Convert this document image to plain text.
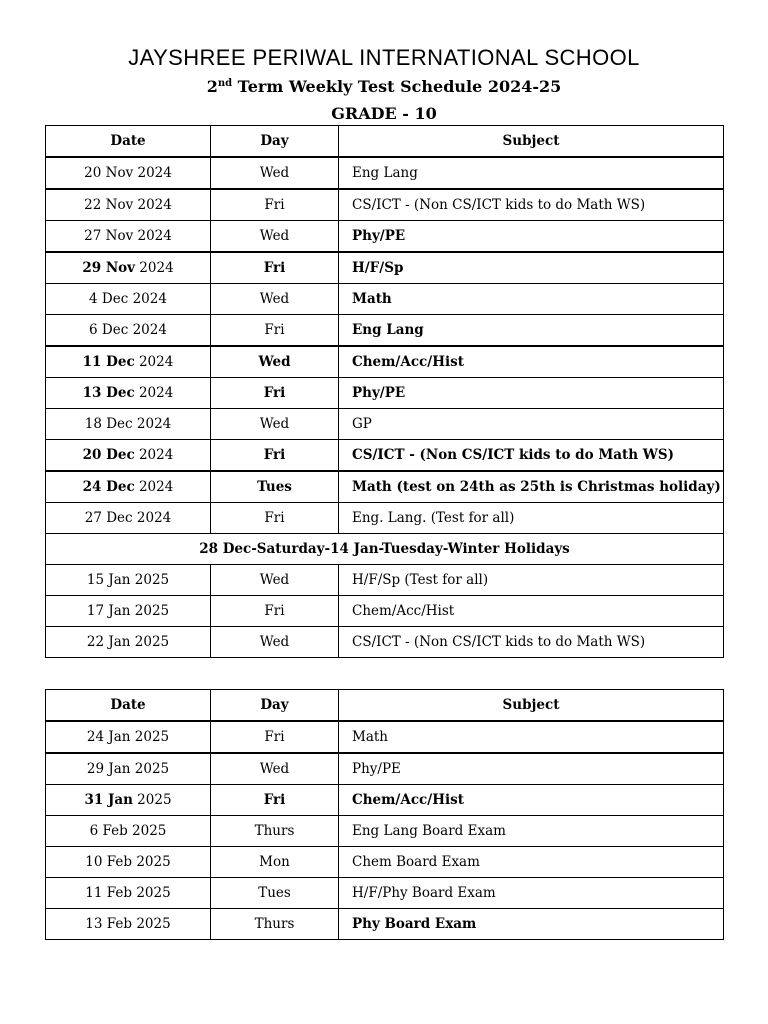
JAYSHREE PERIWAL INTERNATIONAL SCHOOL
2nd Term Weekly Test Schedule 2024-25
GRADE - 10
Date	Day	Subject
20 Nov 2024	Wed	Eng Lang
22 Nov 2024	Fri	CS/ICT - (Non CS/ICT kids to do Math WS)
27 Nov 2024	Wed	Phy/PE
29 Nov 2024	Fri	H/F/Sp
4 Dec 2024	Wed	Math
6 Dec 2024	Fri	Eng Lang
11 Dec 2024	Wed	Chem/Acc/Hist
13 Dec 2024	Fri	Phy/PE
18 Dec 2024	Wed	GP
20 Dec 2024	Fri	CS/ICT - (Non CS/ICT kids to do Math WS)
24 Dec 2024	Tues	Math (test on 24th as 25th is Christmas holiday)
27 Dec 2024	Fri	Eng. Lang. (Test for all)
28 Dec-Saturday-14 Jan-Tuesday-Winter Holidays		
15 Jan 2025	Wed	H/F/Sp (Test for all)
17 Jan 2025	Fri	Chem/Acc/Hist
22 Jan 2025	Wed	CS/ICT - (Non CS/ICT kids to do Math WS)
Date	Day	Subject
24 Jan 2025	Fri	Math
29 Jan 2025	Wed	Phy/PE
31 Jan 2025	Fri	Chem/Acc/Hist
6 Feb 2025	Thurs	Eng Lang Board Exam
10 Feb 2025	Mon	Chem Board Exam
11 Feb 2025	Tues	H/F/Phy Board Exam
13 Feb 2025	Thurs	Phy Board Exam
